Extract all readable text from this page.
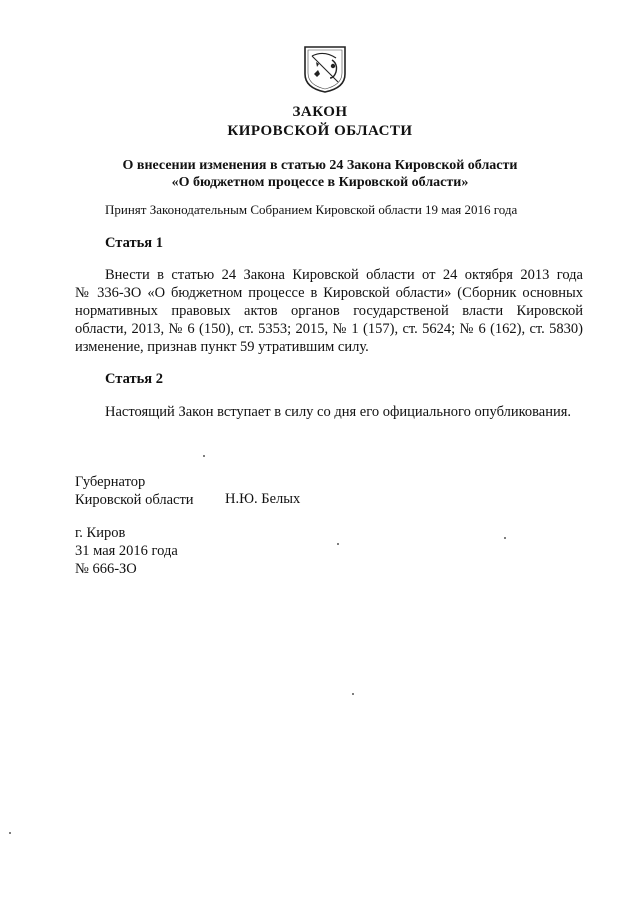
ЗАКОН
КИРОВСКОЙ ОБЛАСТИ
О внесении изменения в статью 24 Закона Кировской области
«О бюджетном процессе в Кировской области»
Принят Законодательным Собранием Кировской области 19 мая 2016 года
Статья 1
Внести в статью 24 Закона Кировской области от 24 октября 2013 года
№ 336-ЗО «О бюджетном процессе в Кировской области» (Сборник основных
нормативных правовых актов органов государственой власти Кировской
области, 2013, № 6 (150), ст. 5353; 2015, № 1 (157), ст. 5624; № 6 (162), ст. 5830)
изменение, признав пункт 59 утратившим силу.
Статья 2
Настоящий Закон вступает в силу со дня его официального опубликования.
Губернатор
Кировской области Н.Ю. Белых
г. Киров
31 мая 2016 года
№ 666-ЗО
